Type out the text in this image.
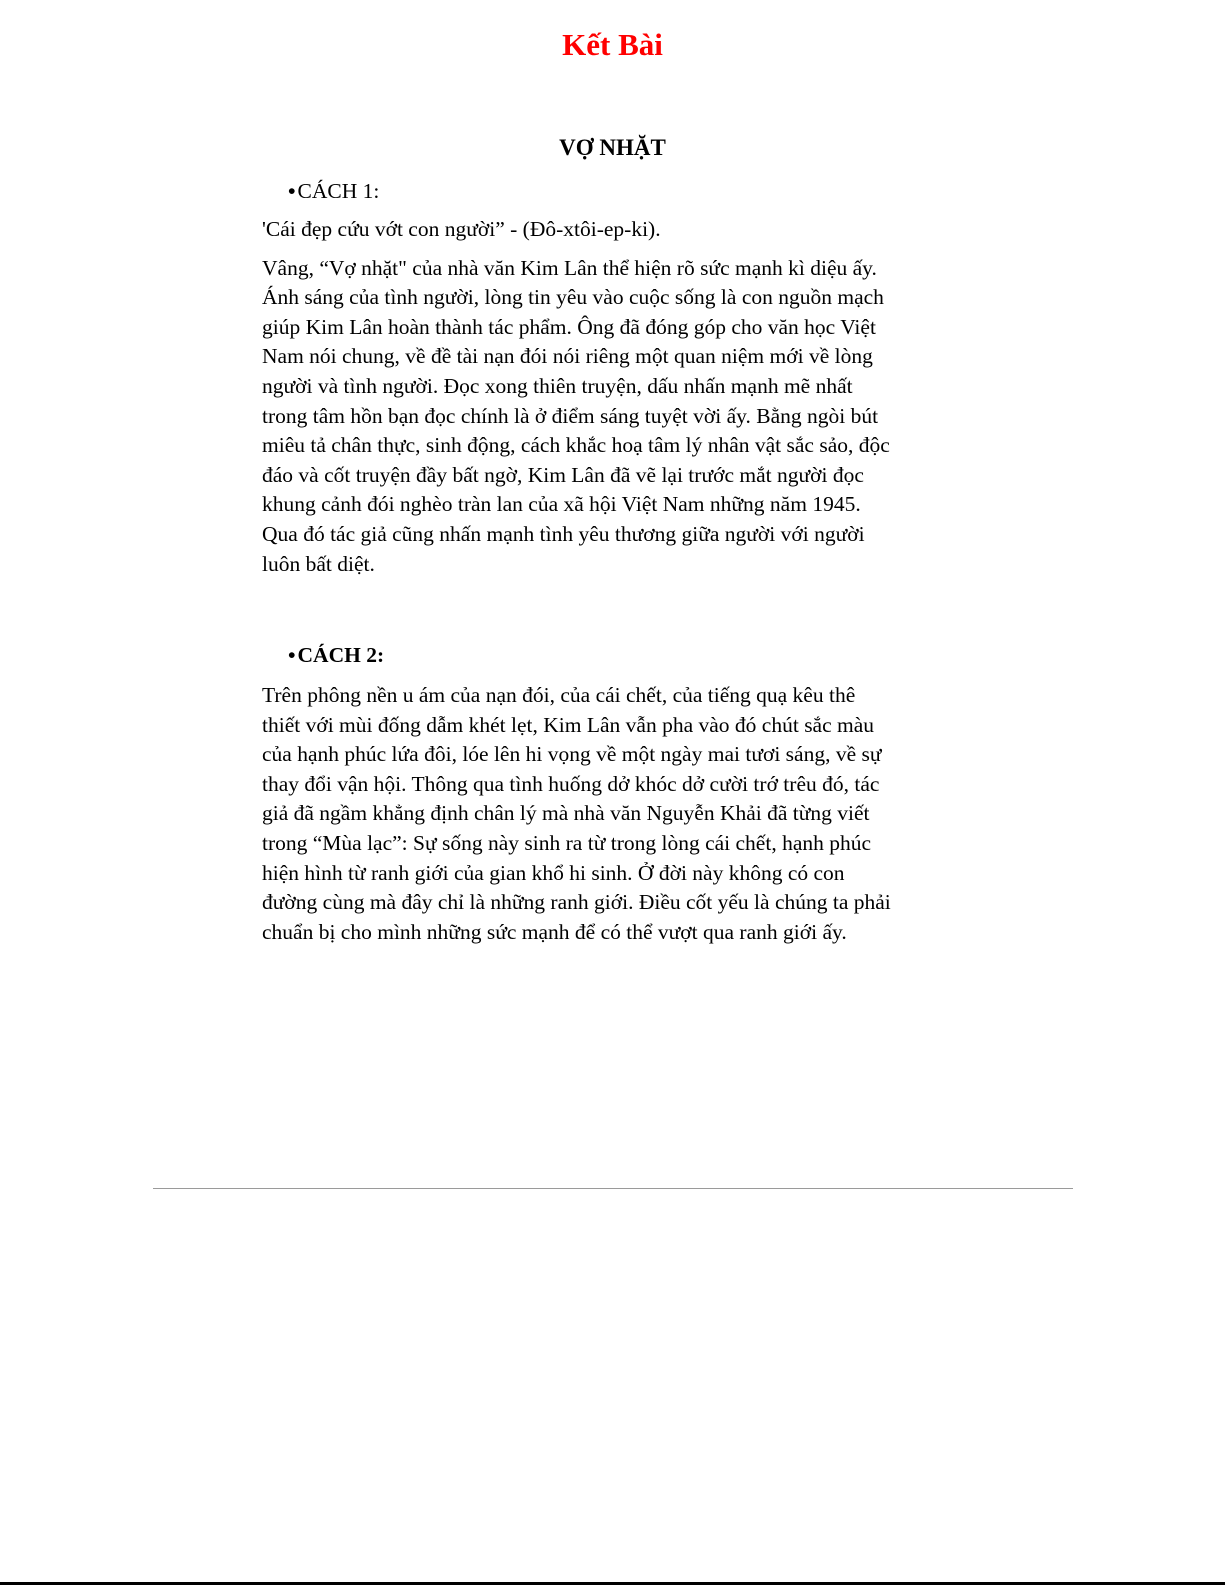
Kết Bài
VỢ NHẶT

•CÁCH 1:

'Cái đẹp cứu vớt con người” - (Đô-xtôi-ep-ki).

Vâng, “Vợ nhặt" của nhà văn Kim Lân thể hiện rõ sức mạnh kì diệu ấy.
Ánh sáng của tình người, lòng tin yêu vào cuộc sống là con nguồn mạch
giúp Kim Lân hoàn thành tác phẩm. Ông đã đóng góp cho văn học Việt
Nam nói chung, về đề tài nạn đói nói riêng một quan niệm mới về lòng
người và tình người. Đọc xong thiên truyện, dấu nhấn mạnh mẽ nhất
trong tâm hồn bạn đọc chính là ở điểm sáng tuyệt vời ấy. Bằng ngòi bút
miêu tả chân thực, sinh động, cách khắc hoạ tâm lý nhân vật sắc sảo, độc
đáo và cốt truyện đầy bất ngờ, Kim Lân đã vẽ lại trước mắt người đọc
khung cảnh đói nghèo tràn lan của xã hội Việt Nam những năm 1945.
Qua đó tác giả cũng nhấn mạnh tình yêu thương giữa người với người
luôn bất diệt.

•CÁCH 2:

Trên phông nền u ám của nạn đói, của cái chết, của tiếng quạ kêu thê
thiết với mùi đống dẫm khét lẹt, Kim Lân vẫn pha vào đó chút sắc màu
của hạnh phúc lứa đôi, lóe lên hi vọng về một ngày mai tươi sáng, về sự
thay đổi vận hội. Thông qua tình huống dở khóc dở cười trớ trêu đó, tác
giả đã ngầm khẳng định chân lý mà nhà văn Nguyễn Khải đã từng viết
trong “Mùa lạc”: Sự sống này sinh ra từ trong lòng cái chết, hạnh phúc
hiện hình từ ranh giới của gian khổ hi sinh. Ở đời này không có con
đường cùng mà đây chỉ là những ranh giới. Điều cốt yếu là chúng ta phải
chuẩn bị cho mình những sức mạnh để có thể vượt qua ranh giới ấy.
